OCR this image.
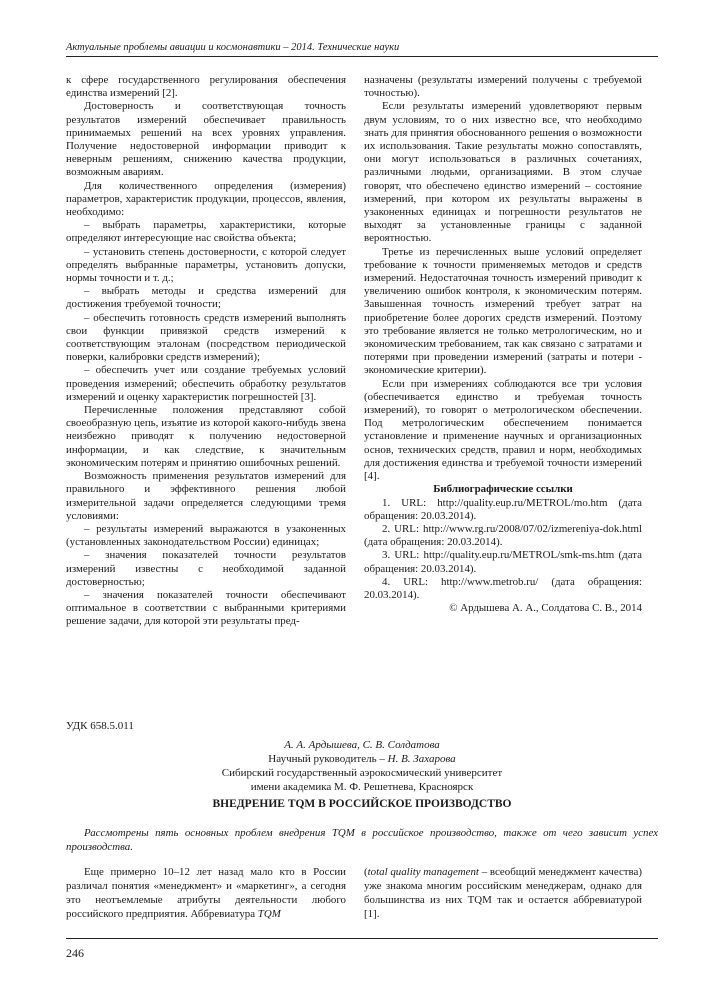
Актуальные проблемы авиации и космонавтики – 2014. Технические науки

к сфере государственного регулирования обеспечения единства измерений [2].

Достоверность и соответствующая точность результатов измерений обеспечивает правильность принимаемых решений на всех уровнях управления. Получение недостоверной информации приводит к неверным решениям, снижению качества продукции, возможным авариям.

Для количественного определения (измерения) параметров, характеристик продукции, процессов, явления, необходимо:

– выбрать параметры, характеристики, которые определяют интересующие нас свойства объекта;

– установить степень достоверности, с которой следует определять выбранные параметры, установить допуски, нормы точности и т. д.;

– выбрать методы и средства измерений для достижения требуемой точности;

– обеспечить готовность средств измерений выполнять свои функции привязкой средств измерений к соответствующим эталонам (посредством периодической поверки, калибровки средств измерений);

– обеспечить учет или создание требуемых условий проведения измерений; обеспечить обработку результатов измерений и оценку характеристик погрешностей [3].

Перечисленные положения представляют собой своеобразную цепь, изъятие из которой какого-нибудь звена неизбежно приводят к получению недостоверной информации, и как следствие, к значительным экономическим потерям и принятию ошибочных решений.

Возможность применения результатов измерений для правильного и эффективного решения любой измерительной задачи определяется следующими тремя условиями:

– результаты измерений выражаются в узаконенных (установленных законодательством России) единицах;

– значения показателей точности результатов измерений известны с необходимой заданной достоверностью;

– значения показателей точности обеспечивают оптимальное в соответствии с выбранными критериями решение задачи, для которой эти результаты пред-

назначены (результаты измерений получены с требуемой точностью).

Если результаты измерений удовлетворяют первым двум условиям, то о них известно все, что необходимо знать для принятия обоснованного решения о возможности их использования. Такие результаты можно сопоставлять, они могут использоваться в различных сочетаниях, различными людьми, организациями. В этом случае говорят, что обеспечено единство измерений – состояние измерений, при котором их результаты выражены в узаконенных единицах и погрешности результатов не выходят за установленные границы с заданной вероятностью.

Третье из перечисленных выше условий определяет требование к точности применяемых методов и средств измерений. Недостаточная точность измерений приводит к увеличению ошибок контроля, к экономическим потерям. Завышенная точность измерений требует затрат на приобретение более дорогих средств измерений. Поэтому это требование является не только метрологическим, но и экономическим требованием, так как связано с затратами и потерями при проведении измерений (затраты и потери - экономические критерии).

Если при измерениях соблюдаются все три условия (обеспечивается единство и требуемая точность измерений), то говорят о метрологическом обеспечении. Под метрологическим обеспечением понимается установление и применение научных и организационных основ, технических средств, правил и норм, необходимых для достижения единства и требуемой точности измерений [4].

Библиографические ссылки

1. URL: http://quality.eup.ru/METROL/mo.htm (дата обращения: 20.03.2014).

2. URL: http://www.rg.ru/2008/07/02/izmereniya-dok.html (дата обращения: 20.03.2014).

3. URL: http://quality.eup.ru/METROL/smk-ms.htm (дата обращения: 20.03.2014).

4. URL: http://www.metrob.ru/ (дата обращения: 20.03.2014).

© Ардышева А. А., Солдатова С. В., 2014

УДК 658.5.011
А. А. Ардышева, С. В. Солдатова
Научный руководитель – Н. В. Захарова
Сибирский государственный аэрокосмический университет
имени академика М. Ф. Решетнева, Красноярск
ВНЕДРЕНИЕ TQM В РОССИЙСКОЕ ПРОИЗВОДСТВО
Рассмотрены пять основных проблем внедрения TQM в российское производство, также от чего зависит успех производства.
Еще примерно 10–12 лет назад мало кто в России различал понятия «менеджмент» и «маркетинг», а сегодня это неотъемлемые атрибуты деятельности любого российского предприятия. Аббревиатура TQM
(total quality management – всеобщий менеджмент качества) уже знакома многим российским менеджерам, однако для большинства из них TQM так и остается аббревиатурой [1].
246
